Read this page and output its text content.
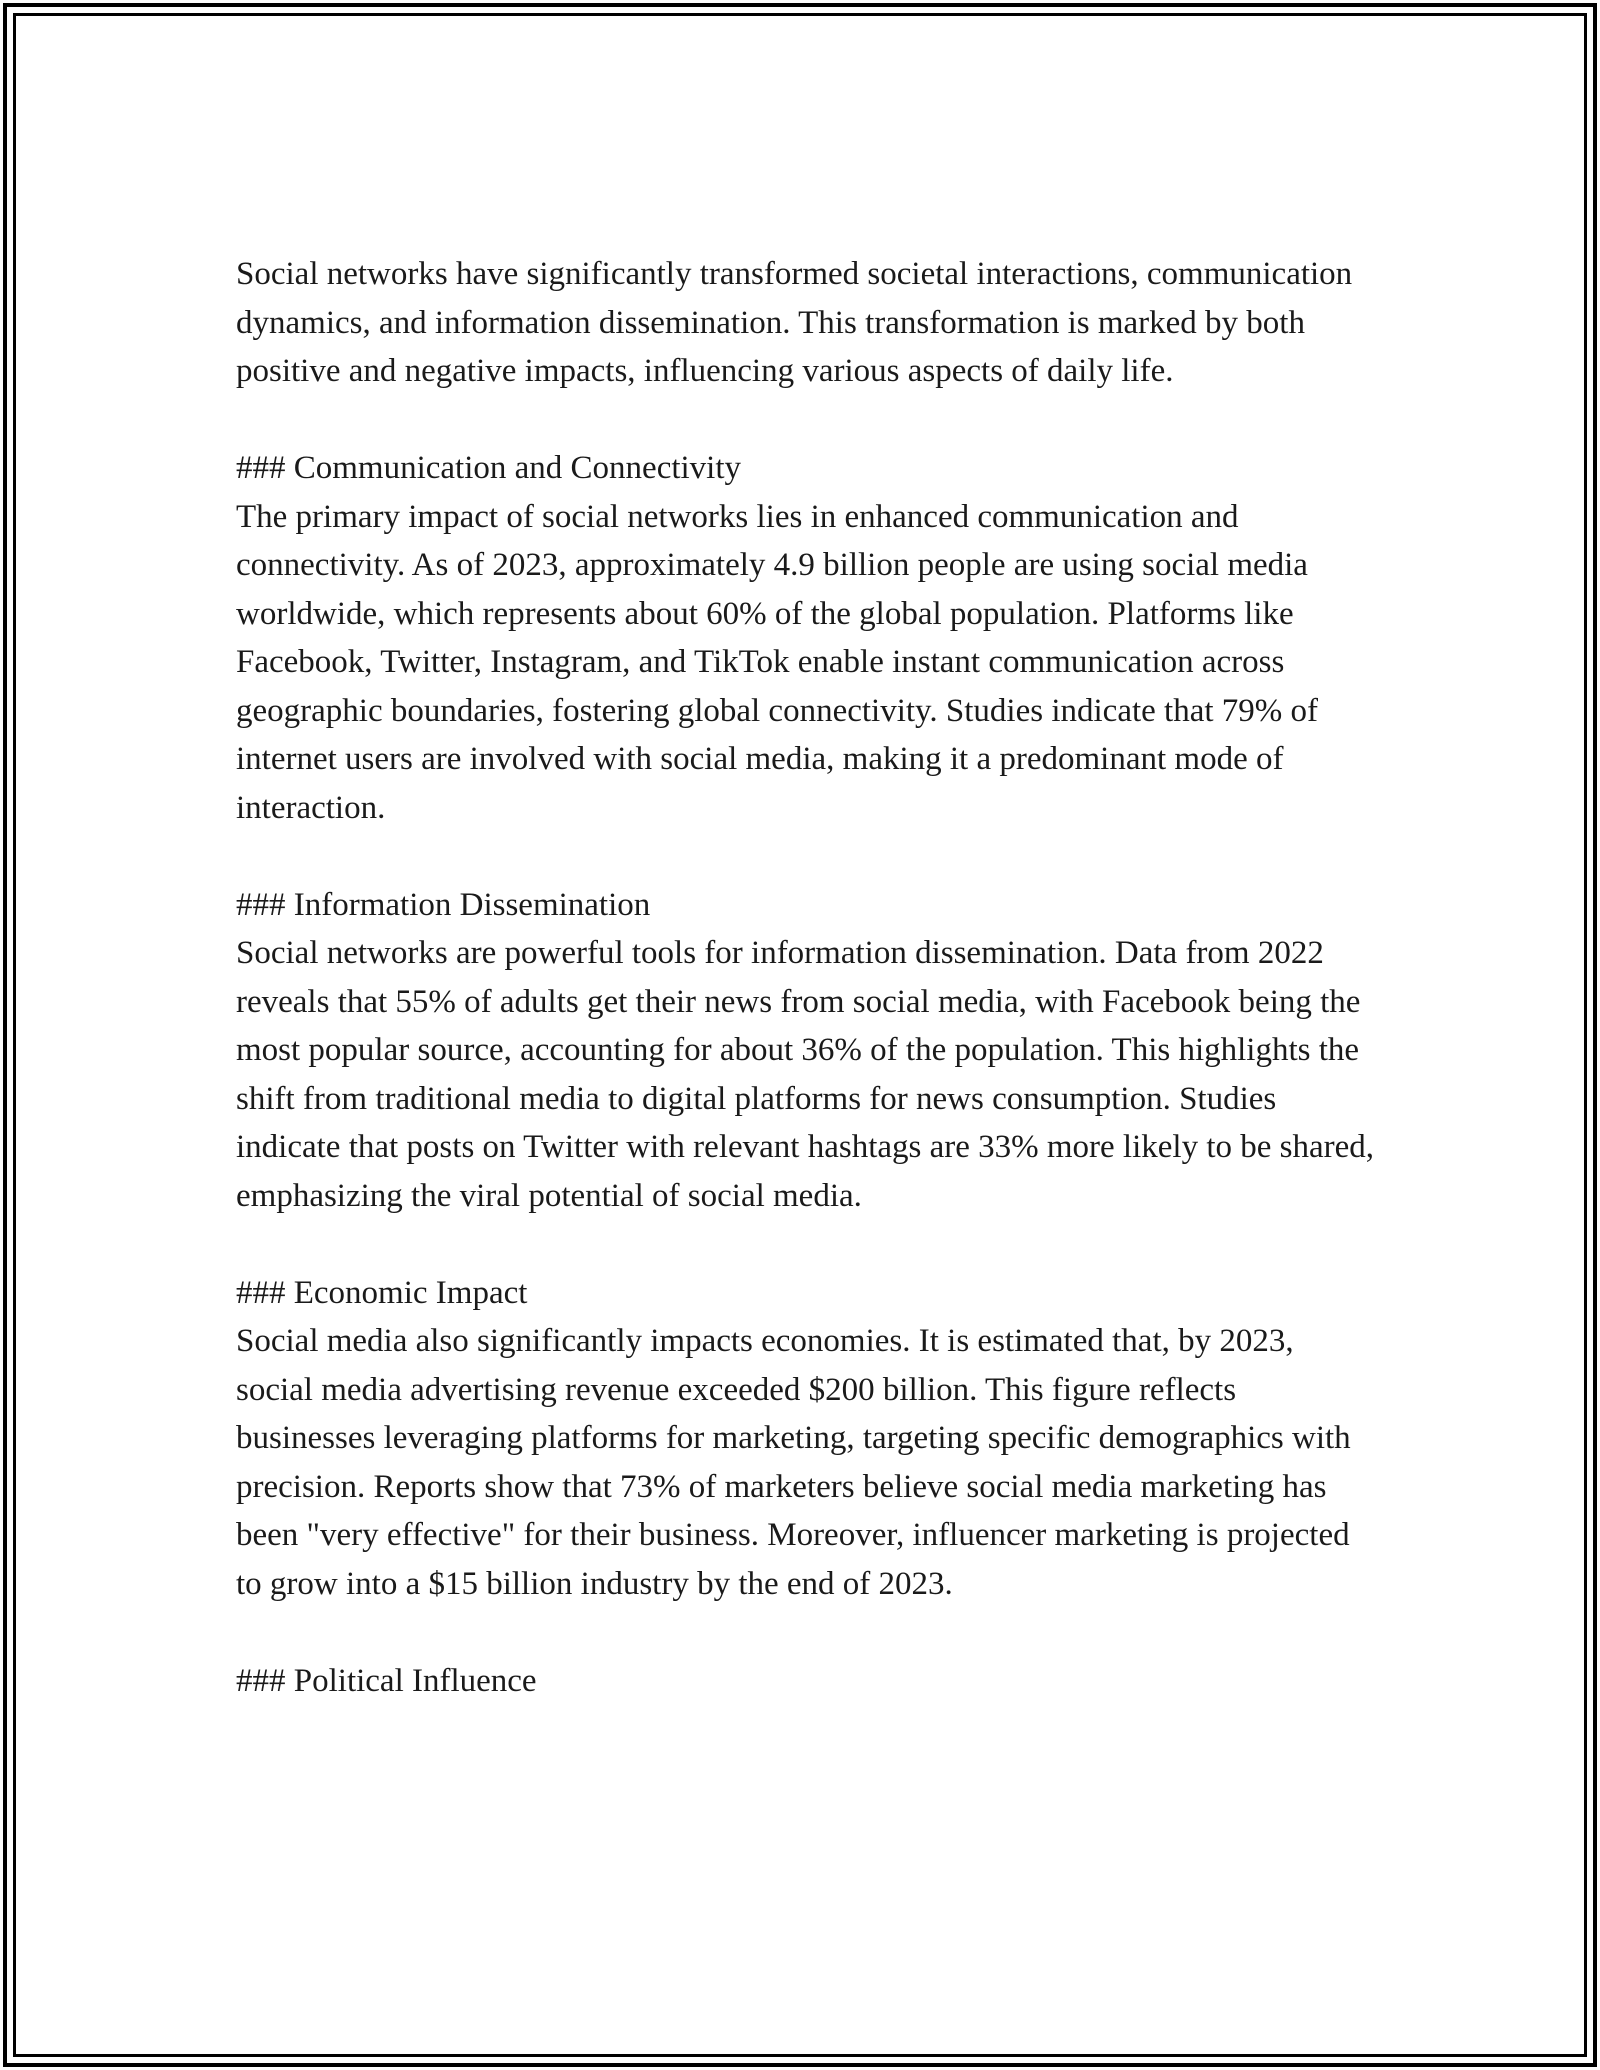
Social networks have significantly transformed societal interactions, communication dynamics, and information dissemination. This transformation is marked by both positive and negative impacts, influencing various aspects of daily life.

### Communication and Connectivity

The primary impact of social networks lies in enhanced communication and connectivity. As of 2023, approximately 4.9 billion people are using social media worldwide, which represents about 60% of the global population. Platforms like Facebook, Twitter, Instagram, and TikTok enable instant communication across geographic boundaries, fostering global connectivity. Studies indicate that 79% of internet users are involved with social media, making it a predominant mode of interaction.

### Information Dissemination

Social networks are powerful tools for information dissemination. Data from 2022 reveals that 55% of adults get their news from social media, with Facebook being the most popular source, accounting for about 36% of the population. This highlights the shift from traditional media to digital platforms for news consumption. Studies indicate that posts on Twitter with relevant hashtags are 33% more likely to be shared, emphasizing the viral potential of social media.

### Economic Impact

Social media also significantly impacts economies. It is estimated that, by 2023, social media advertising revenue exceeded $200 billion. This figure reflects businesses leveraging platforms for marketing, targeting specific demographics with precision. Reports show that 73% of marketers believe social media marketing has been "very effective" for their business. Moreover, influencer marketing is projected to grow into a $15 billion industry by the end of 2023.

### Political Influence
